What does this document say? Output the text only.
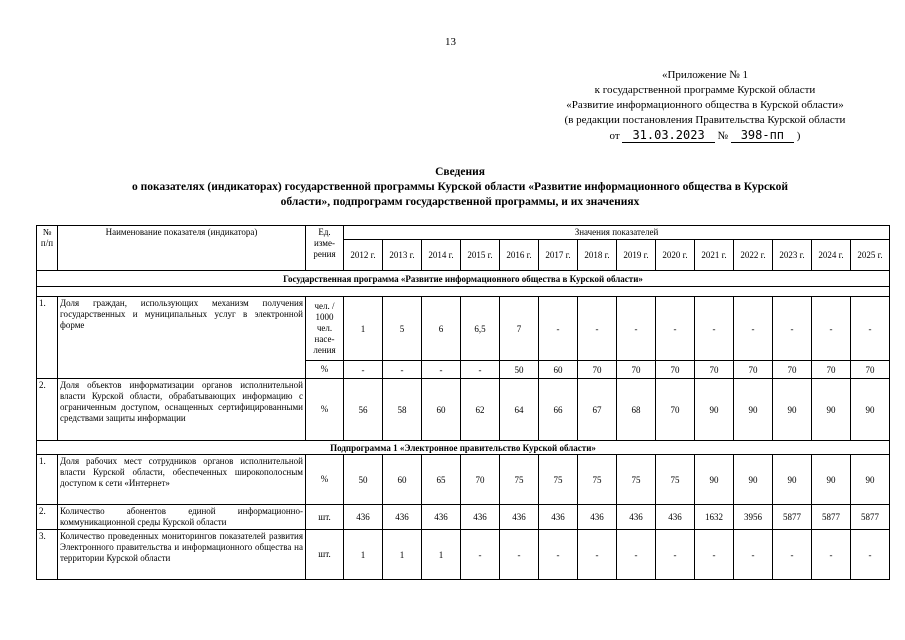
13
«Приложение № 1
к государственной программе Курской области
«Развитие информационного общества в Курской области»
(в редакции постановления Правительства Курской области
от 31.03.2023 № 398-пп )
Сведения
о показателях (индикаторах) государственной программы Курской области «Развитие информационного общества в Курской
области», подпрограмм государственной программы, и их значениях
№ п/п	Наименование показателя (индикатора)	Ед. изме-рения	Значения показателей													
			2012 г.	2013 г.	2014 г.	2015 г.	2016 г.	2017 г.	2018 г.	2019 г.	2020 г.	2021 г.	2022 г.	2023 г.	2024 г.	2025 г.
Государственная программа «Развитие информационного общества в Курской области»																

1.	Доля граждан, использующих механизм получения государственных и муниципальных услуг в электронной форме	чел. / 1000 чел. насе-ления	1	5	6	6,5	7	-	-	-	-	-	-	-	-	-
		%	-	-	-	-	50	60	70	70	70	70	70	70	70	70
2.	Доля объектов информатизации органов исполнительной власти Курской области, обрабатывающих информацию с ограниченным доступом, оснащенных сертифицированными средствами защиты информации	%	56	58	60	62	64	66	67	68	70	90	90	90	90	90
Подпрограмма 1 «Электронное правительство Курской области»																
1.	Доля рабочих мест сотрудников органов исполнительной власти Курской области, обеспеченных широкополосным доступом к сети «Интернет»	%	50	60	65	70	75	75	75	75	75	90	90	90	90	90
2.	Количество абонентов единой информационно-коммуникационной среды Курской области	шт.	436	436	436	436	436	436	436	436	436	1632	3956	5877	5877	5877
3.	Количество проведенных мониторингов показателей развития Электронного правительства и информационного общества на территории Курской области	шт.	1	1	1	-	-	-	-	-	-	-	-	-	-	-
